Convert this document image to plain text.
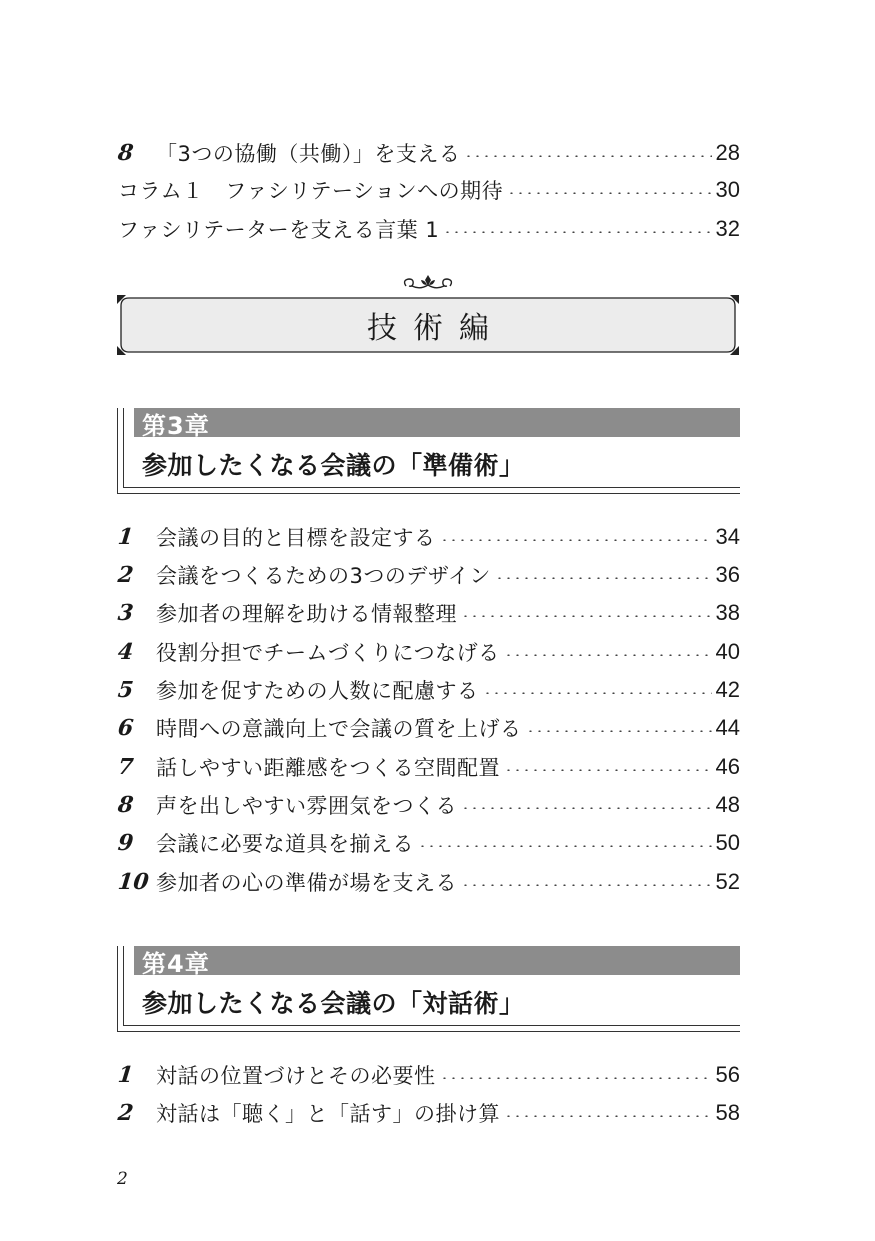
8	「3つの協働（共働）」を支える	28
コラム１　ファシリテーションへの期待	30
ファシリテーターを支える言葉 1	32
技術編
第3章
参加したくなる会議の「準備術」
1	会議の目的と目標を設定する	34
2	会議をつくるための3つのデザイン	36
3	参加者の理解を助ける情報整理	38
4	役割分担でチームづくりにつなげる	40
5	参加を促すための人数に配慮する	42
6	時間への意識向上で会議の質を上げる	44
7	話しやすい距離感をつくる空間配置	46
8	声を出しやすい雰囲気をつくる	48
9	会議に必要な道具を揃える	50
10 参加者の心の準備が場を支える	52
第4章
参加したくなる会議の「対話術」
1	対話の位置づけとその必要性	56
2	対話は「聴く」と「話す」の掛け算	58
2
